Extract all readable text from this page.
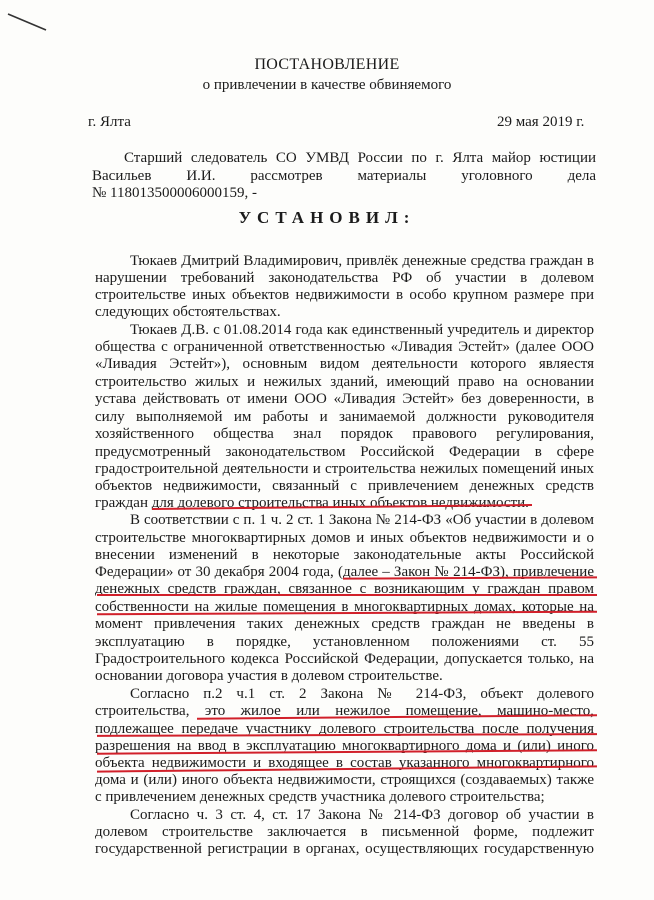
ПОСТАНОВЛЕНИЕ
о привлечении в качестве обвиняемого
г. Ялта	29 мая 2019 г.
Старший следователь СО УМВД России по г. Ялта майор юстиции
Васильев И.И. рассмотрев материалы уголовного дела
№ 118013500006000159, -
УСТАНОВИЛ:
Тюкаев Дмитрий Владимирович, привлёк денежные средства граждан в
нарушении требований законодательства РФ об участии в долевом
строительстве иных объектов недвижимости в особо крупном размере при
следующих обстоятельствах.
Тюкаев Д.В. с 01.08.2014 года как единственный учредитель и директор
общества с ограниченной ответственностью «Ливадия Эстейт» (далее ООО
«Ливадия Эстейт»), основным видом деятельности которого являестя
строительство жилых и нежилых зданий, имеющий право на основании
устава действовать от имени ООО «Ливадия Эстейт» без доверенности, в
силу выполняемой им работы и занимаемой должности руководителя
хозяйственного общества знал порядок правового регулирования,
предусмотренный законодательством Российской Федерации в сфере
градостроительной деятельности и строительства нежилых помещений иных
объектов недвижимости, связанный с привлечением денежных средств
граждан для долевого строительства иных объектов недвижимости.
В соответствии с п. 1 ч. 2 ст. 1 Закона № 214-ФЗ «Об участии в долевом
строительстве многоквартирных домов и иных объектов недвижимости и о
внесении изменений в некоторые законодательные акты Российской
Федерации» от 30 декабря 2004 года, (далее – Закон № 214-ФЗ), привлечение
денежных средств граждан, связанное с возникающим у граждан правом
собственности на жилые помещения в многоквартирных домах, которые на
момент привлечения таких денежных средств граждан не введены в
эксплуатацию в порядке, установленном положениями ст. 55
Градостроительного кодекса Российской Федерации, допускается только, на
основании договора участия в долевом строительстве.
Согласно п.2 ч.1 ст. 2 Закона № 214-ФЗ, объект долевого
строительства, это жилое или нежилое помещение, машино-место,
подлежащее передаче участнику долевого строительства после получения
разрешения на ввод в эксплуатацию многоквартирного дома и (или) иного
объекта недвижимости и входящее в состав указанного многоквартирного
дома и (или) иного объекта недвижимости, строящихся (создаваемых) также
с привлечением денежных средств участника долевого строительства;
Согласно ч. 3 ст. 4, ст. 17 Закона № 214-ФЗ договор об участии в
долевом строительстве заключается в письменной форме, подлежит
государственной регистрации в органах, осуществляющих государственную
